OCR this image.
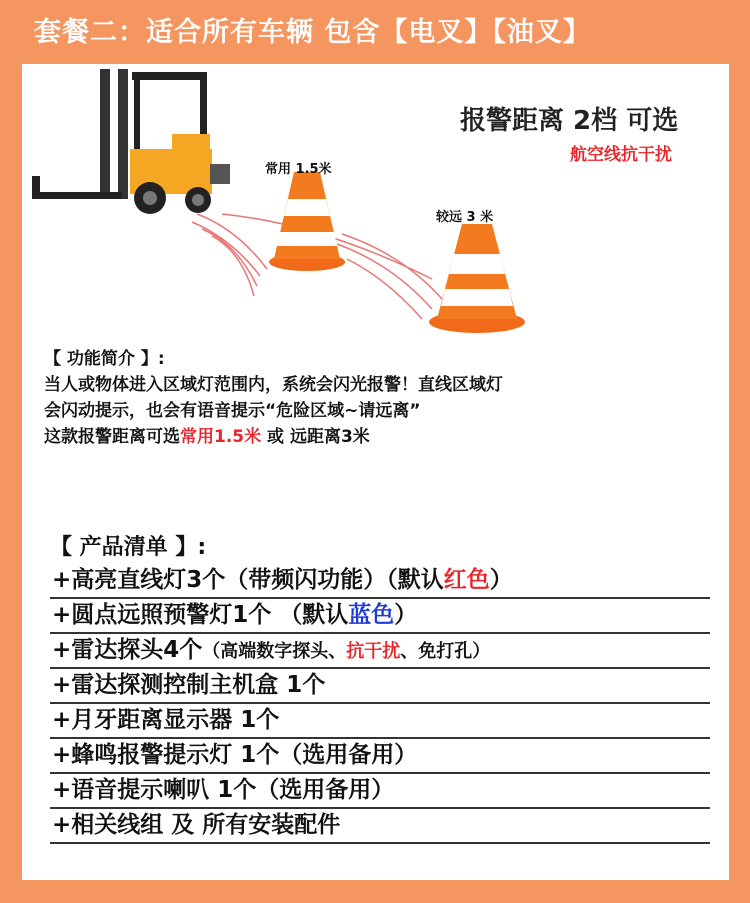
套餐二：适合所有车辆 包含【电叉】【油叉】
报警距离 2档 可选
航空线抗干扰
常用 1.5米
较远 3 米
【 功能简介 】:
当人或物体进入区域灯范围内，系统会闪光报警！直线区域灯
会闪动提示，也会有语音提示“危险区域~请远离”
这款报警距离可选常用1.5米 或 远距离3米
【 产品清单 】:
+高亮直线灯3个（带频闪功能）（默认红色）
+圆点远照预警灯1个 （默认蓝色）
+雷达探头4个（高端数字探头、抗干扰、免打孔）
+雷达探测控制主机盒 1个
+月牙距离显示器 1个
+蜂鸣报警提示灯 1个（选用备用）
+语音提示喇叭 1个（选用备用）
+相关线组 及 所有安装配件
